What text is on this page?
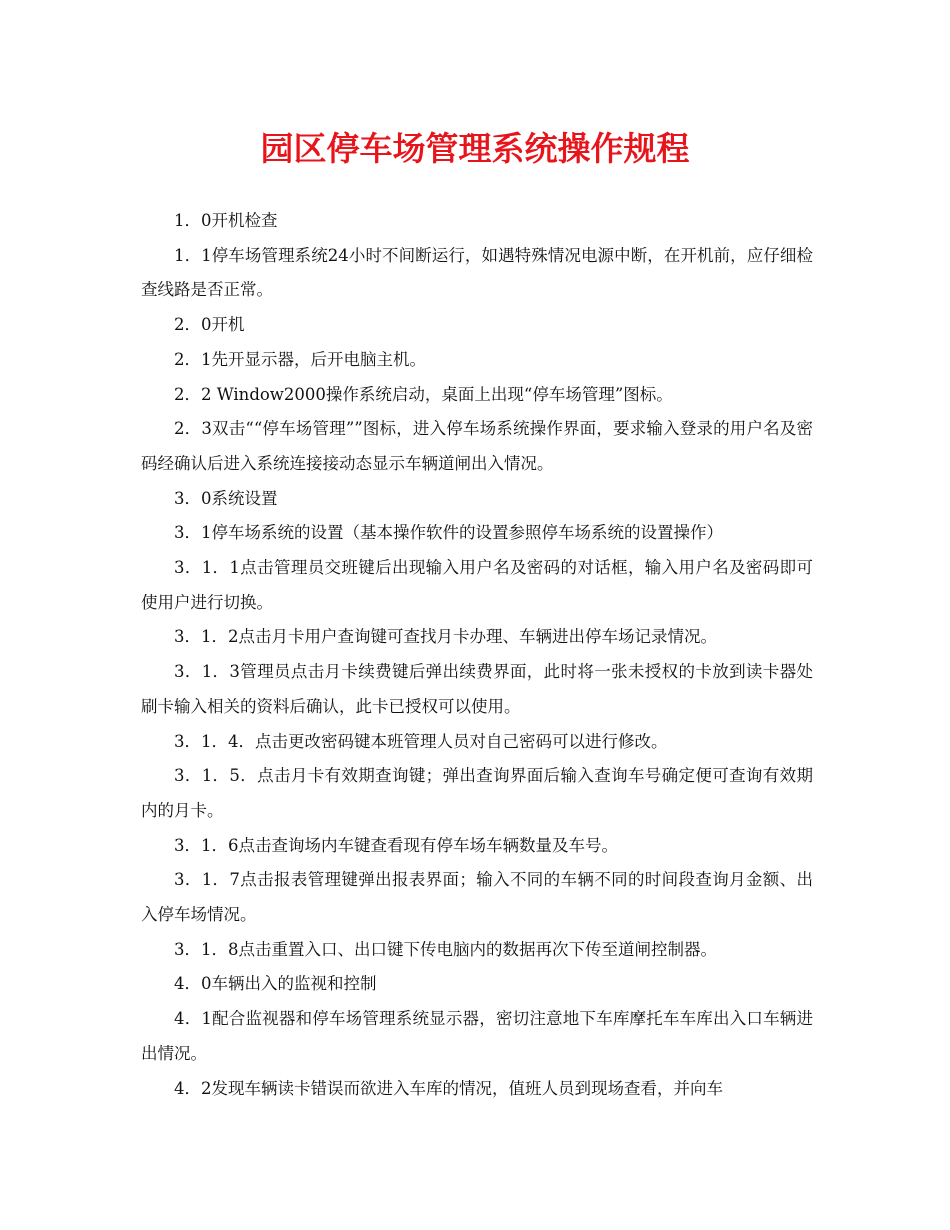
园区停车场管理系统操作规程

1．0开机检查

1．1停车场管理系统24小时不间断运行，如遇特殊情况电源中断，在开机前，应仔细检查线路是否正常。

2．0开机

2．1先开显示器，后开电脑主机。

2．2 Window2000操作系统启动，桌面上出现“停车场管理”图标。

2．3双击““停车场管理””图标，进入停车场系统操作界面，要求输入登录的用户名及密码经确认后进入系统连接接动态显示车辆道闸出入情况。

3．0系统设置

3．1停车场系统的设置（基本操作软件的设置参照停车场系统的设置操作）

3．1．1点击管理员交班键后出现输入用户名及密码的对话框，输入用户名及密码即可使用户进行切换。

3．1．2点击月卡用户查询键可查找月卡办理、车辆进出停车场记录情况。

3．1．3管理员点击月卡续费键后弹出续费界面，此时将一张未授权的卡放到读卡器处刷卡输入相关的资料后确认，此卡已授权可以使用。

3．1．4．点击更改密码键本班管理人员对自己密码可以进行修改。

3．1．5．点击月卡有效期查询键；弹出查询界面后输入查询车号确定便可查询有效期内的月卡。

3．1．6点击查询场内车键查看现有停车场车辆数量及车号。

3．1．7点击报表管理键弹出报表界面；输入不同的车辆不同的时间段查询月金额、出入停车场情况。

3．1．8点击重置入口、出口键下传电脑内的数据再次下传至道闸控制器。

4．0车辆出入的监视和控制

4．1配合监视器和停车场管理系统显示器，密切注意地下车库摩托车车库出入口车辆进出情况。

4．2发现车辆读卡错误而欲进入车库的情况，值班人员到现场查看，并向车
